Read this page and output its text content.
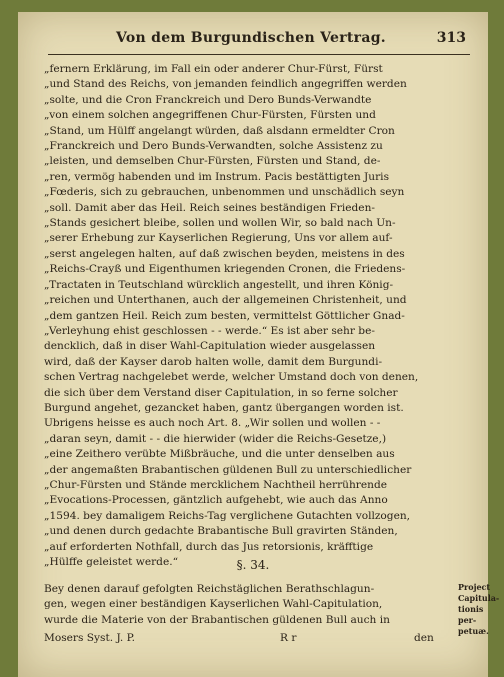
Von dem Burgundischen Vertrag.	313
„fernern Erklärung, im Fall ein oder anderer Chur-Fürst, Fürst
„und Stand des Reichs, von jemanden feindlich angegriffen werden
„solte, und die Cron Franckreich und Dero Bunds-Verwandte
„von einem solchen angegriffenen Chur-Fürsten, Fürsten und
„Stand, um Hülff angelangt würden, daß alsdann ermeldter Cron
„Franckreich und Dero Bunds-Verwandten, solche Assistenz zu
„leisten, und demselben Chur-Fürsten, Fürsten und Stand, de-
„ren, vermög habenden und im Instrum. Pacis bestättigten Juris
„Fœderis, sich zu gebrauchen, unbenommen und unschädlich seyn
„soll. Damit aber das Heil. Reich seines beständigen Frieden-
„Stands gesichert bleibe, sollen und wollen Wir, so bald nach Un-
„serer Erhebung zur Kayserlichen Regierung, Uns vor allem auf-
„serst angelegen halten, auf daß zwischen beyden, meistens in des
„Reichs-Crayß und Eigenthumen kriegenden Cronen, die Friedens-
„Tractaten in Teutschland würcklich angestellt, und ihren König-
„reichen und Unterthanen, auch der allgemeinen Christenheit, und
„dem gantzen Heil. Reich zum besten, vermittelst Göttlicher Gnad-
„Verleyhung ehist geschlossen - - werde.“ Es ist aber sehr be-
dencklich, daß in diser Wahl-Capitulation wieder ausgelassen
wird, daß der Kayser darob halten wolle, damit dem Burgundi-
schen Vertrag nachgelebet werde, welcher Umstand doch von denen,
die sich über dem Verstand diser Capitulation, in so ferne solcher
Burgund angehet, gezancket haben, gantz übergangen worden ist.
Ubrigens heisse es auch noch Art. 8. „Wir sollen und wollen - -
„daran seyn, damit - - die hierwider (wider die Reichs-Gesetze,)
„eine Zeithero verübte Mißbräuche, und die unter denselben aus
„der angemaßten Brabantischen güldenen Bull zu unterschiedlicher
„Chur-Fürsten und Stände mercklichem Nachtheil herrührende
„Evocations-Processen, gäntzlich aufgehebt, wie auch das Anno
„1594. bey damaligem Reichs-Tag verglichene Gutachten vollzogen,
„und denen durch gedachte Brabantische Bull gravirten Ständen,
„auf erforderten Nothfall, durch das Jus retorsionis, kräfftige
„Hülffe geleistet werde.“	§. 34.
Bey denen darauf gefolgten Reichstäglichen Berathschlagun-
gen, wegen einer beständigen Kayserlichen Wahl-Capitulation,
wurde die Materie von der Brabantischen güldenen Bull auch in
Project
Capitula-
tionis per-
petuæ.
Mosers Syst. J. P.	R r	den
